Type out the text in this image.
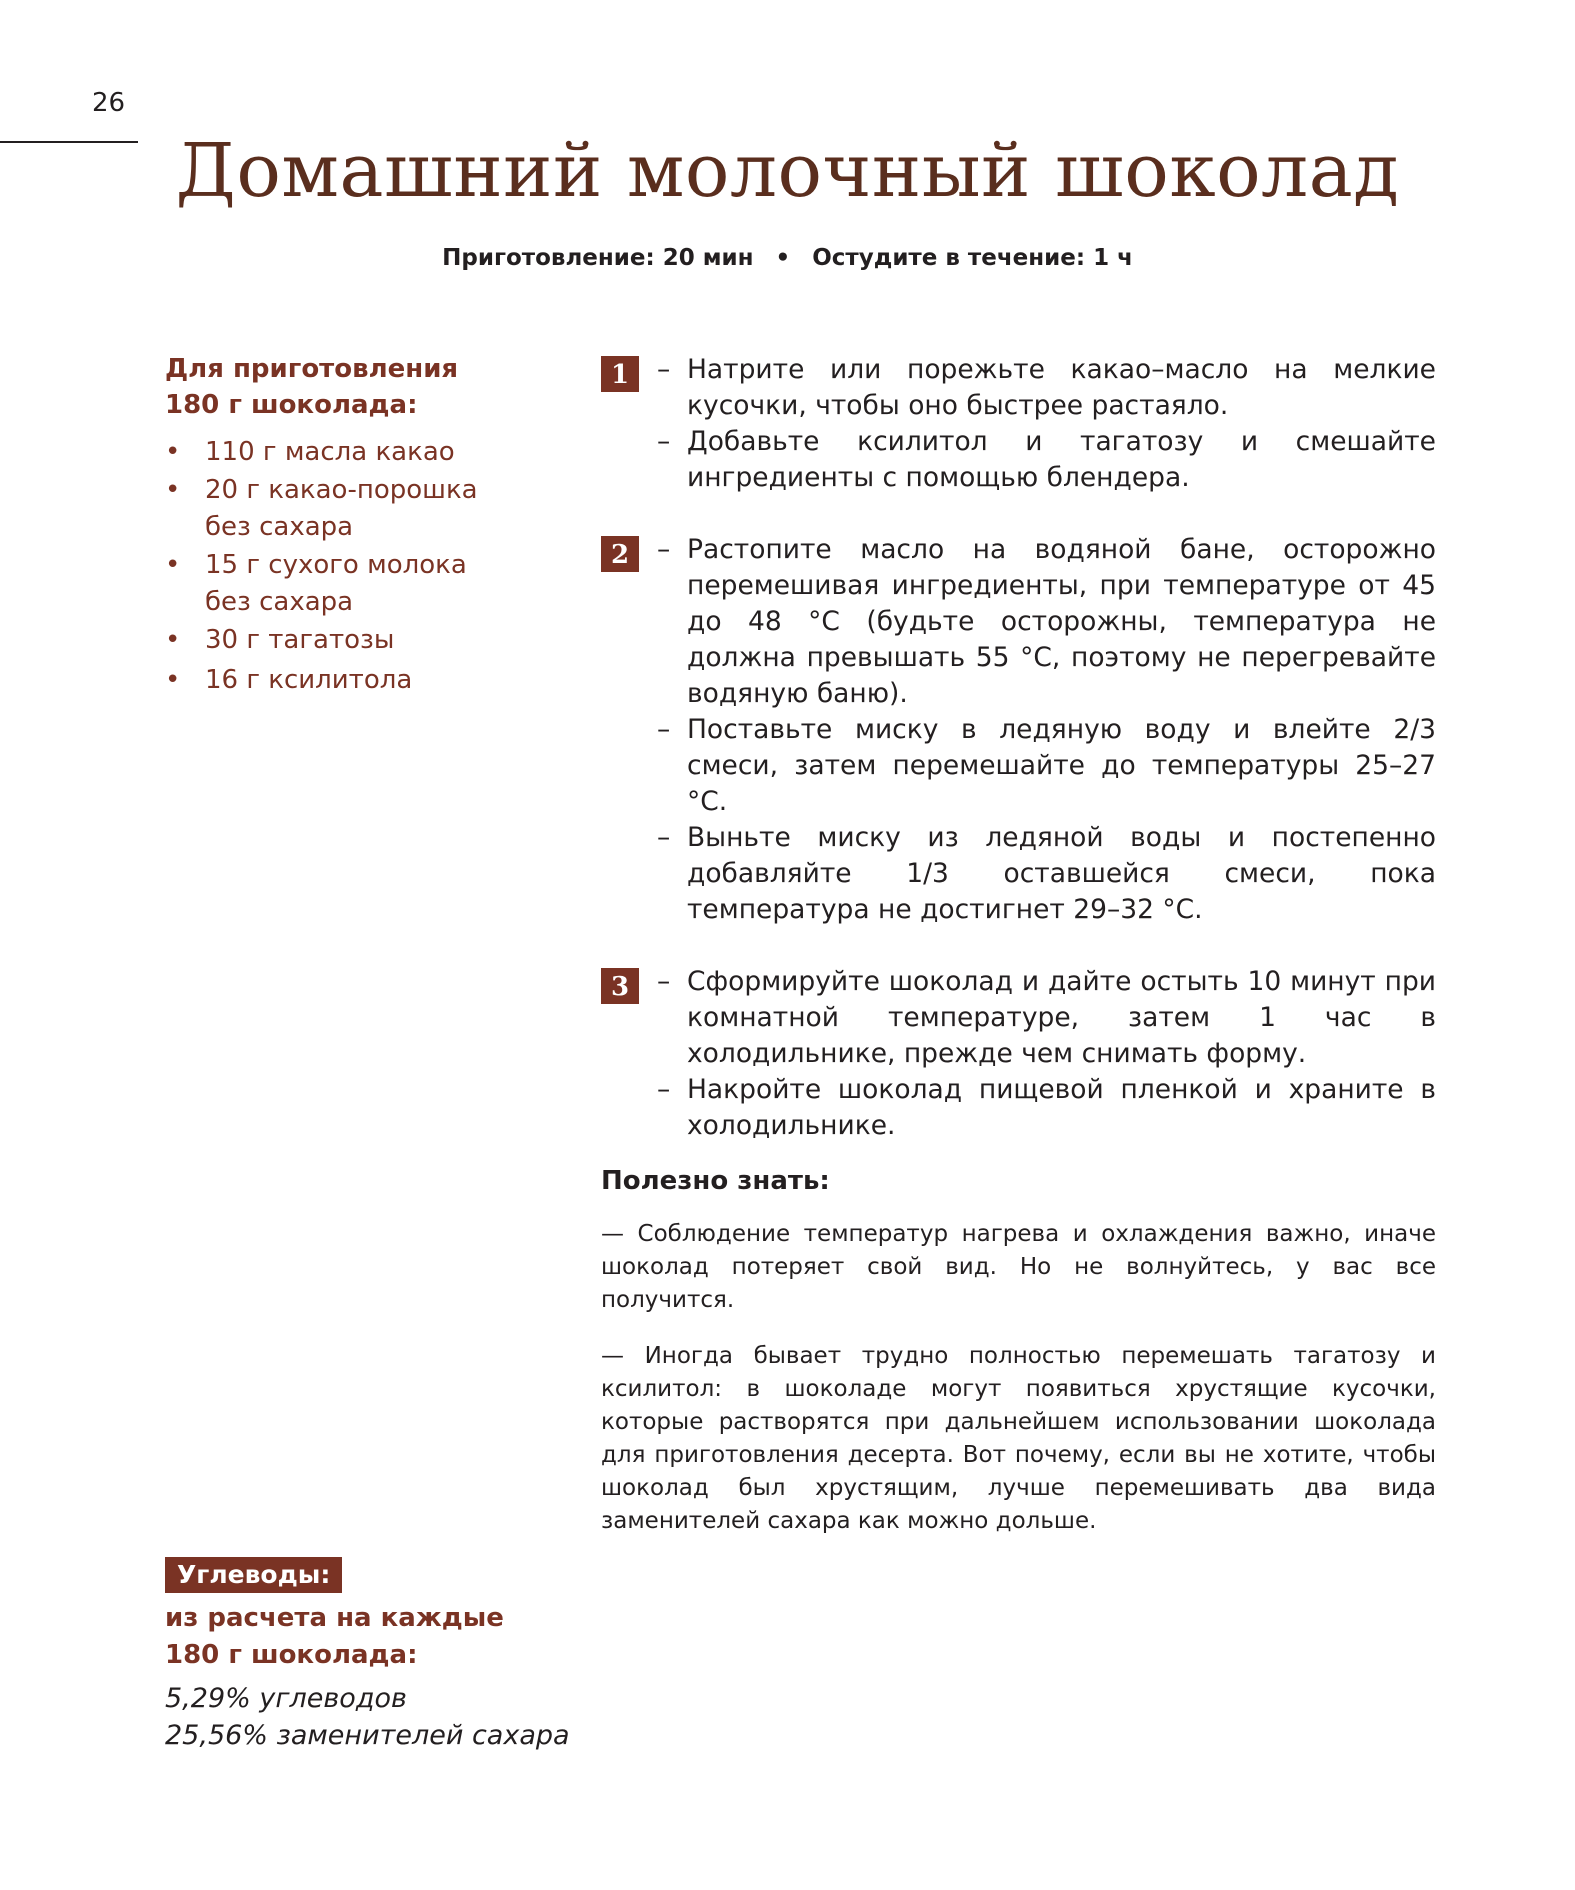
26
Домашний молочный шоколад
Приготовление: 20 мин • Остудите в течение: 1 ч
Для приготовления
180 г шоколада:
• 110 г масла какао
• 20 г какао-порошка без сахара
• 15 г сухого молока без сахара
• 30 г тагатозы
• 16 г ксилитола
1	– Натрите или порежьте какао–масло на мелкие кусочки, чтобы оно быстрее растаяло.
– Добавьте ксилитол и тагатозу и смешайте ингредиенты с помощью блендера.
2	– Растопите масло на водяной бане, осторожно перемешивая ингредиенты, при температуре от 45 до 48 °C (будьте осторожны, температура не должна превышать 55 °C, поэтому не перегревайте водяную баню).
– Поставьте миску в ледяную воду и влейте 2/3 смеси, затем перемешайте до температуры 25–27 °C.
– Выньте миску из ледяной воды и постепенно добавляйте 1/3 оставшейся смеси, пока температура не достигнет 29–32 °C.
3	– Сформируйте шоколад и дайте остыть 10 минут при комнатной температуре, затем 1 час в холодильнике, прежде чем снимать форму.
– Накройте шоколад пищевой пленкой и храните в холодильнике.
Полезно знать:

— Соблюдение температур нагрева и охлаждения важно, иначе шоколад потеряет свой вид. Но не волнуйтесь, у вас все получится.

— Иногда бывает трудно полностью перемешать тагатозу и ксилитол: в шоколаде могут появиться хрустящие кусочки, которые растворятся при дальнейшем использовании шоколада для приготовления десерта. Вот почему, если вы не хотите, чтобы шоколад был хрустящим, лучше перемешивать два вида заменителей сахара как можно дольше.

Углеводы:
из расчета на каждые
180 г шоколада:
5,29% углеводов
25,56% заменителей сахара
